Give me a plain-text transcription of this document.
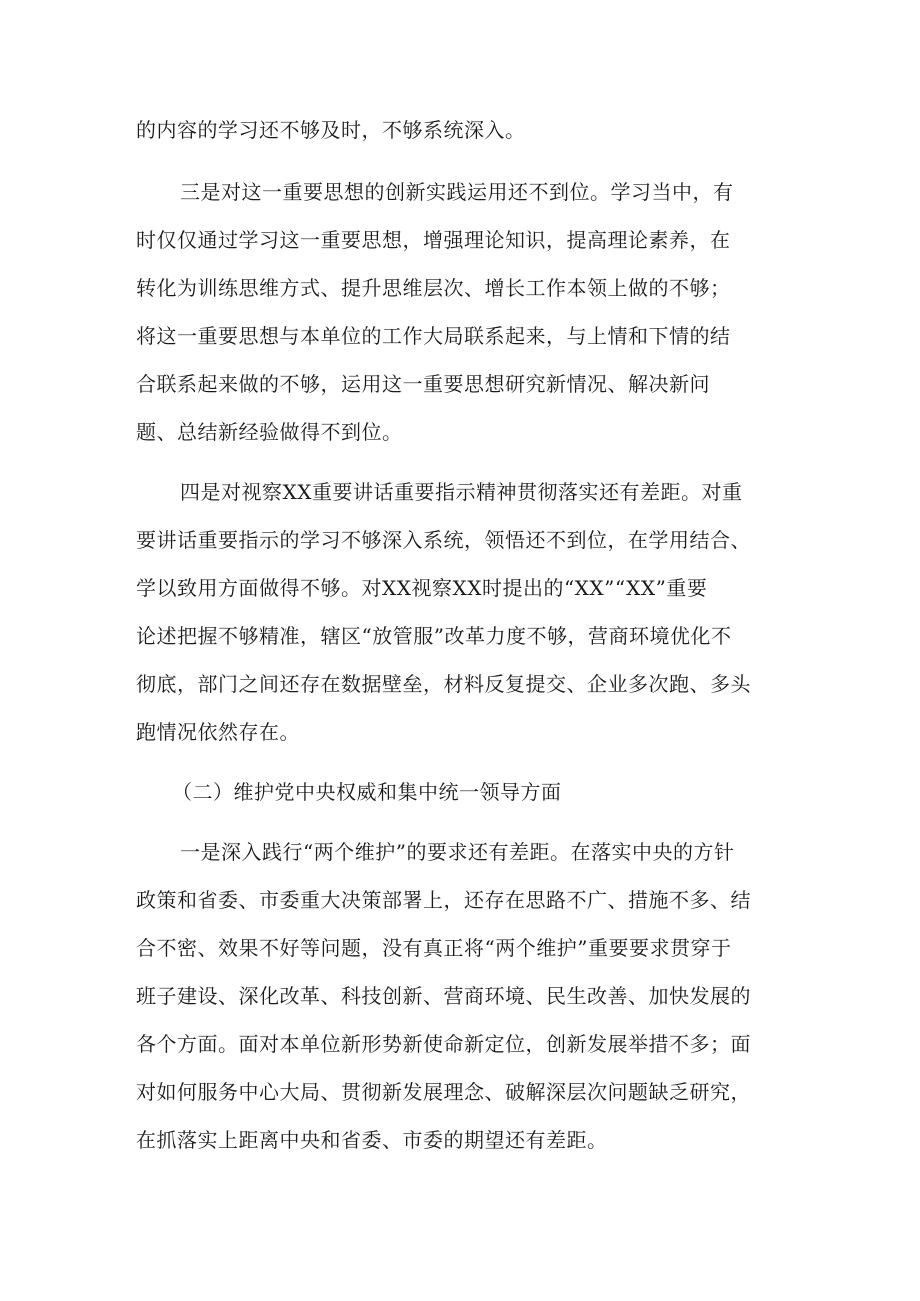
的内容的学习还不够及时，不够系统深入。
三是对这一重要思想的创新实践运用还不到位。学习当中，有
时仅仅通过学习这一重要思想，增强理论知识，提高理论素养，在
转化为训练思维方式、提升思维层次、增长工作本领上做的不够；
将这一重要思想与本单位的工作大局联系起来，与上情和下情的结
合联系起来做的不够，运用这一重要思想研究新情况、解决新问
题、总结新经验做得不到位。
四是对视察XX重要讲话重要指示精神贯彻落实还有差距。对重
要讲话重要指示的学习不够深入系统，领悟还不到位，在学用结合、
学以致用方面做得不够。对XX视察XX时提出的“XX”“XX”重要
论述把握不够精准，辖区“放管服”改革力度不够，营商环境优化不
彻底，部门之间还存在数据壁垒，材料反复提交、企业多次跑、多头
跑情况依然存在。
（二）维护党中央权威和集中统一领导方面
一是深入践行“两个维护”的要求还有差距。在落实中央的方针
政策和省委、市委重大决策部署上，还存在思路不广、措施不多、结
合不密、效果不好等问题，没有真正将“两个维护”重要要求贯穿于
班子建设、深化改革、科技创新、营商环境、民生改善、加快发展的
各个方面。面对本单位新形势新使命新定位，创新发展举措不多；面
对如何服务中心大局、贯彻新发展理念、破解深层次问题缺乏研究，
在抓落实上距离中央和省委、市委的期望还有差距。
